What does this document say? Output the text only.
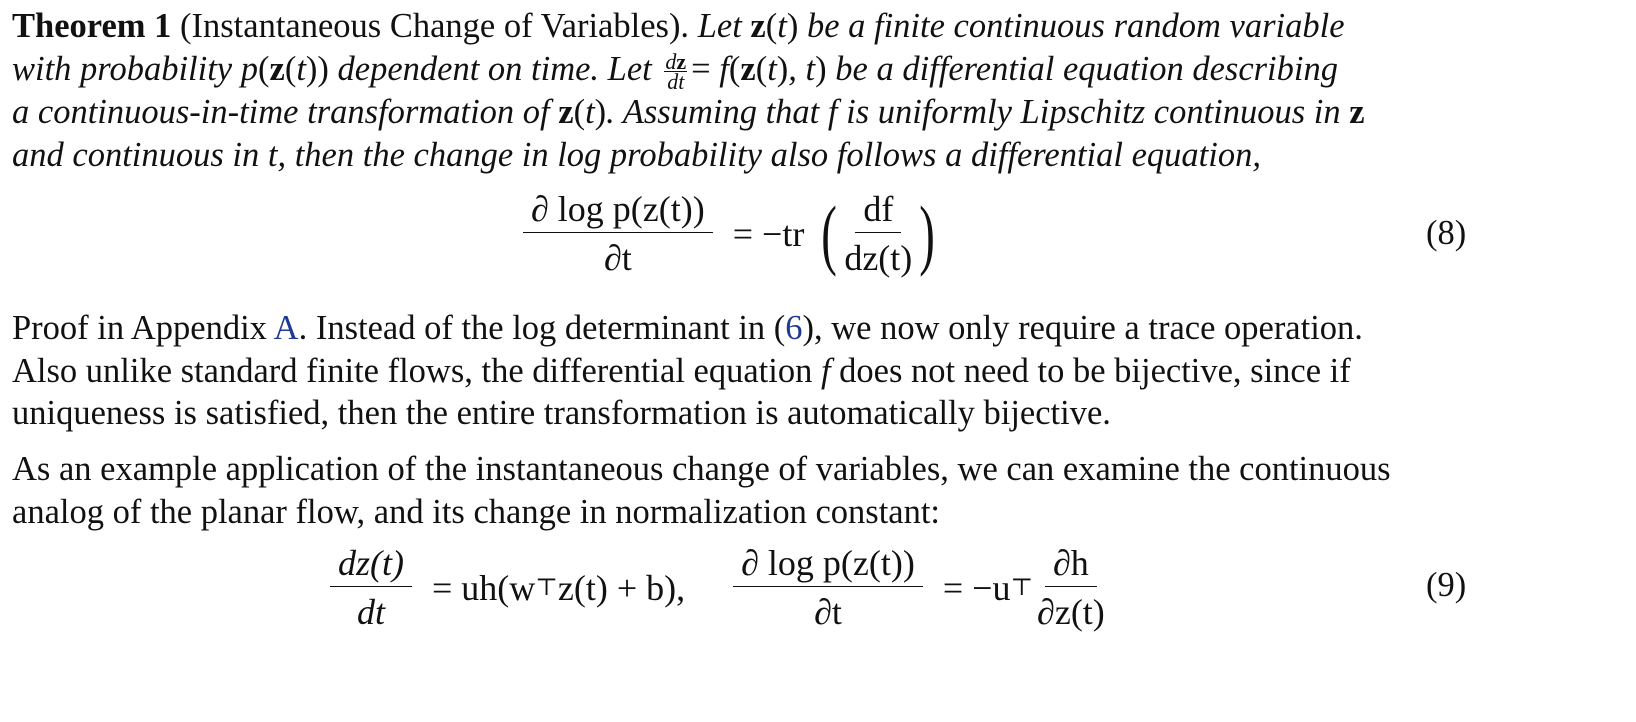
Theorem 1 (Instantaneous Change of Variables). Let z(t) be a finite continuous random variable
with probability p(z(t)) dependent on time. Let $\frac{dz}{dt} = f(z(t)$, t) be a differential equation describing
a continuous-in-time transformation of z(t). Assuming that f is uniformly Lipschitz continuous in z
and continuous in t, then the change in log probability also follows a differential equation,
$\frac{\text{∂ log p(z(t))}}{\partial t} = -tr$ ( $\frac{df}{dz(t)}$ )	(8)
Proof in Appendix A. Instead of the log determinant in (6), we now only require a trace operation.
Also unlike standard finite flows, the differential equation f does not need to be bijective, since if
uniqueness is satisfied, then the entire transformation is automatically bijective.
As an example application of the instantaneous change of variables, we can examine the continuous
analog of the planar flow, and its change in normalization constant:
$\frac{dz(t)}{dt} = uh(w$ ⊤ z(t) + b), $\frac{\text{∂ log p(z(t))}}{\partial t} = -u$ ⊤ $\frac{\partial h}{\partial z(t)}$	(9)
